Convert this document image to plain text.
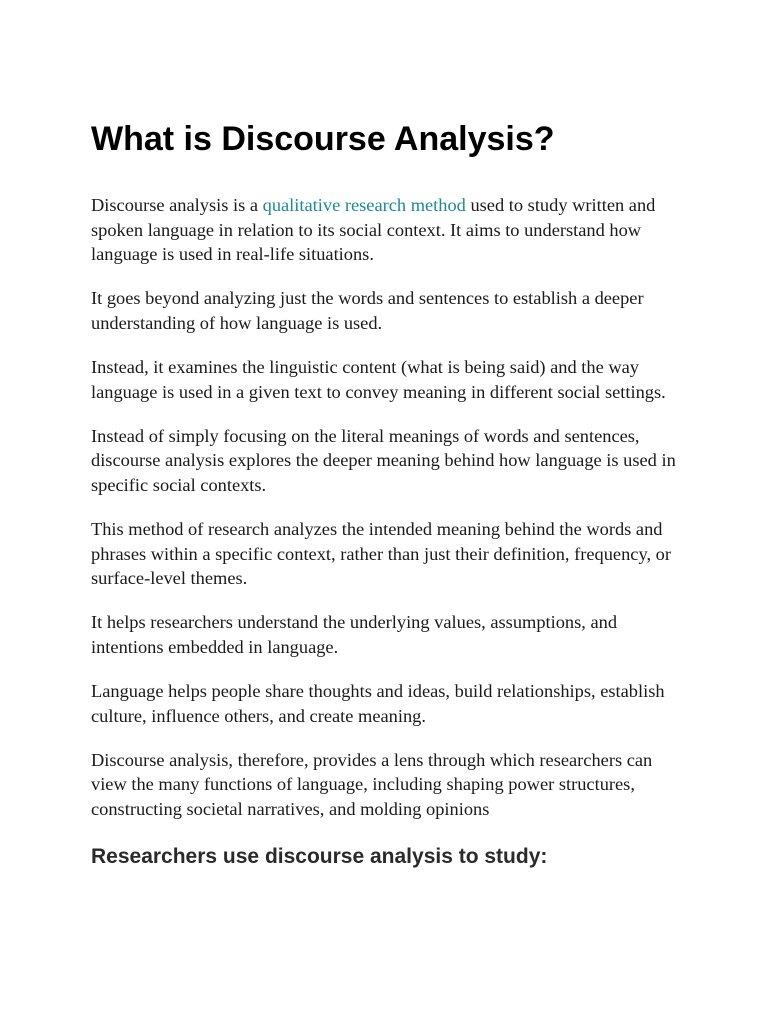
What is Discourse Analysis?

Discourse analysis is a qualitative research method used to study written and spoken language in relation to its social context. It aims to understand how language is used in real-life situations.

It goes beyond analyzing just the words and sentences to establish a deeper understanding of how language is used.

Instead, it examines the linguistic content (what is being said) and the way language is used in a given text to convey meaning in different social settings.

Instead of simply focusing on the literal meanings of words and sentences, discourse analysis explores the deeper meaning behind how language is used in specific social contexts.

This method of research analyzes the intended meaning behind the words and phrases within a specific context, rather than just their definition, frequency, or surface-level themes.

It helps researchers understand the underlying values, assumptions, and intentions embedded in language.

Language helps people share thoughts and ideas, build relationships, establish culture, influence others, and create meaning.

Discourse analysis, therefore, provides a lens through which researchers can view the many functions of language, including shaping power structures, constructing societal narratives, and molding opinions

Researchers use discourse analysis to study:
